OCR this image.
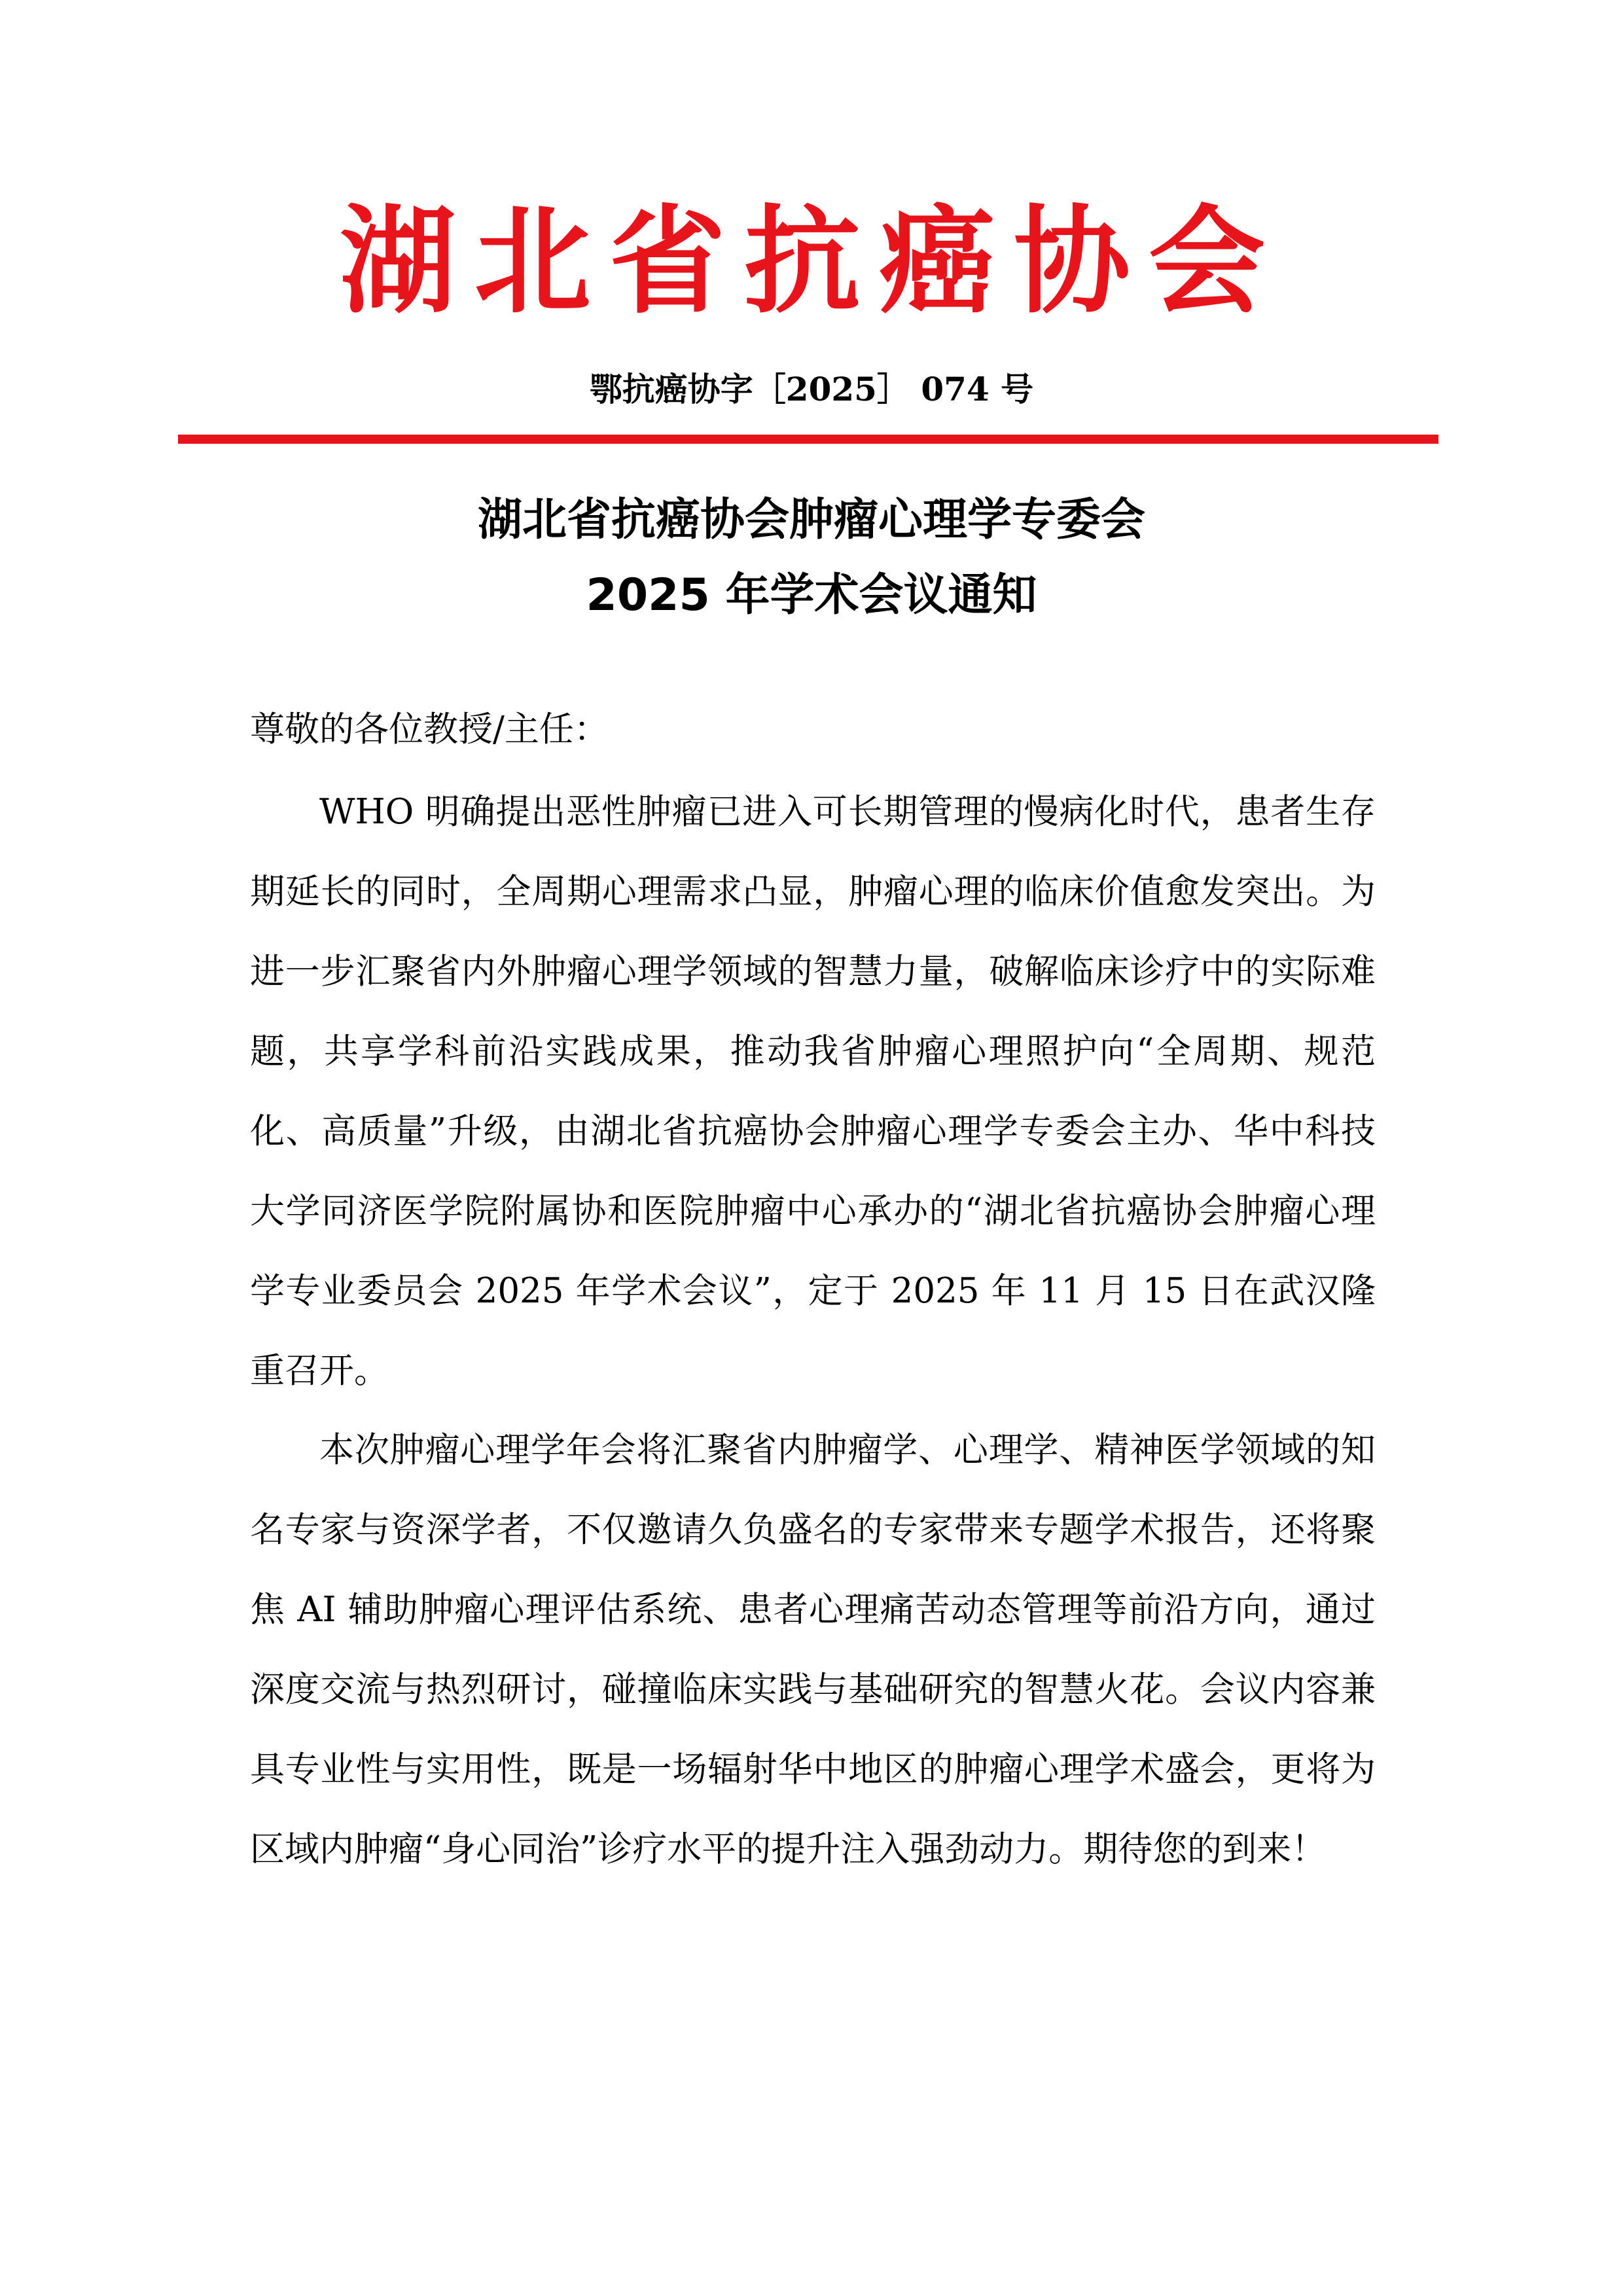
湖北省抗癌协会
鄂抗癌协字［2025］ 074 号
湖北省抗癌协会肿瘤心理学专委会
2025 年学术会议通知
尊敬的各位教授/主任：

WHO 明确提出恶性肿瘤已进入可长期管理的慢病化时代，患者生存期延长的同时，全周期心理需求凸显，肿瘤心理的临床价值愈发突出。为进一步汇聚省内外肿瘤心理学领域的智慧力量，破解临床诊疗中的实际难题，共享学科前沿实践成果，推动我省肿瘤心理照护向“全周期、规范化、高质量”升级，由湖北省抗癌协会肿瘤心理学专委会主办、华中科技大学同济医学院附属协和医院肿瘤中心承办的“湖北省抗癌协会肿瘤心理学专业委员会 2025 年学术会议”，定于 2025 年 11 月 15 日在武汉隆重召开。

本次肿瘤心理学年会将汇聚省内肿瘤学、心理学、精神医学领域的知名专家与资深学者，不仅邀请久负盛名的专家带来专题学术报告，还将聚焦 AI 辅助肿瘤心理评估系统、患者心理痛苦动态管理等前沿方向，通过深度交流与热烈研讨，碰撞临床实践与基础研究的智慧火花。会议内容兼具专业性与实用性，既是一场辐射华中地区的肿瘤心理学术盛会，更将为区域内肿瘤“身心同治”诊疗水平的提升注入强劲动力。期待您的到来！
